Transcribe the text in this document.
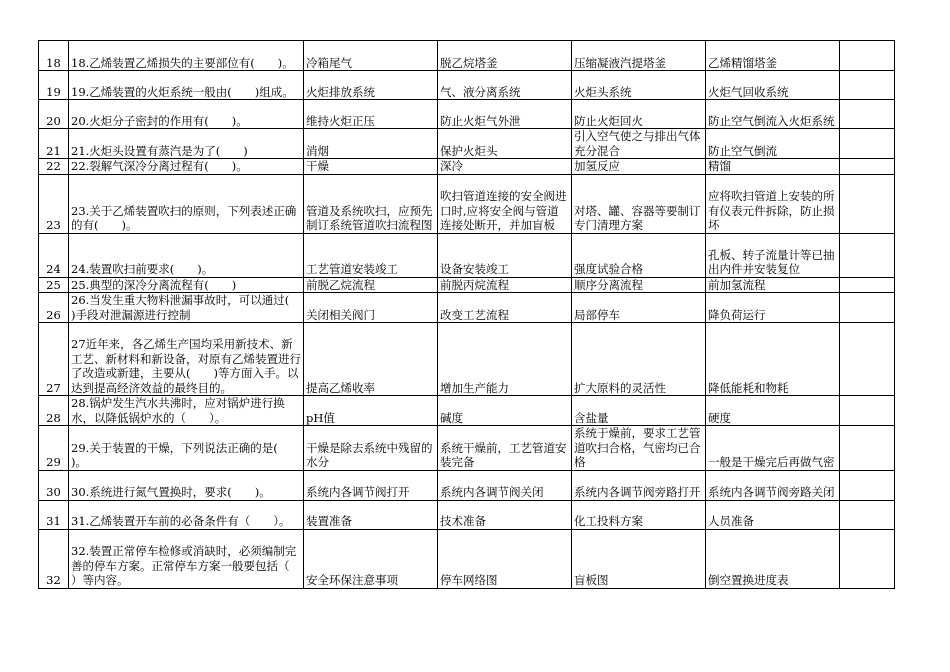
18	18.乙烯装置乙烯损失的主要部位有(　　)。	冷箱尾气	脱乙烷塔釜	压缩凝液汽提塔釜	乙烯精馏塔釜	
19	19.乙烯装置的火炬系统一般由(　　)组成。	火炬排放系统	气、液分离系统	火炬头系统	火炬气回收系统	
20	20.火炬分子密封的作用有(　　)。	维持火炬正压	防止火炬气外泄	防止火炬回火	防止空气倒流入火炬系统	
21	21.火炬头设置有蒸汽是为了(　　)	消烟	保护火炬头	引入空气使之与排出气体充分混合	防止空气倒流	
22	22.裂解气深冷分离过程有(　　)。	干燥	深冷	加氢反应	精馏	
23	23.关于乙烯装置吹扫的原则，下列表述正确的有(　　)。	管道及系统吹扫，应预先制订系统管道吹扫流程图	吹扫管道连接的安全阀进口时,应将安全阀与管道连接处断开，并加盲板	对塔、罐、容器等要制订专门清理方案	应将吹扫管道上安装的所有仪表元件拆除，防止损坏	
24	24.装置吹扫前要求(　　)。	工艺管道安装竣工	设备安装竣工	强度试验合格	孔板、转子流量计等已抽出内件并安装复位	
25	25.典型的深冷分离流程有(　　)	前脱乙烷流程	前脱丙烷流程	顺序分离流程	前加氢流程	
26	26.当发生重大物料泄漏事故时，可以通过(　　)手段对泄漏源进行控制	关闭相关阀门	改变工艺流程	局部停车	降负荷运行	
27	27近年来，各乙烯生产国均采用新技术、新工艺、新材料和新设备，对原有乙烯装置进行了改造或新建，主要从(　　)等方面入手。以达到提高经济效益的最终目的。	提高乙烯收率	增加生产能力	扩大原料的灵活性	降低能耗和物耗	
28	28.锅炉发生汽水共沸时，应对锅炉进行换水，以降低锅炉水的（　　）。	pH值	碱度	含盐量	硬度	
29	29.关于装置的干燥，下列说法正确的是(　　)。	干燥是除去系统中残留的水分	系统干燥前，工艺管道安装完备	系统于燥前，要求工艺管道吹扫合格，气密均已合格	一般是干燥完后再做气密	
30	30.系统进行氮气置换时，要求(　　)。	系统内各调节阀打开	系统内各调节阀关闭	系统内各调节阀旁路打开	系统内各调节阀旁路关闭	
31	31.乙烯装置开车前的必备条件有（　　）。	装置准备	技术准备	化工投料方案	人员准备	
32	32.装置正常停车检修或消缺时，必须编制完善的停车方案。正常停车方案一般要包括（　　）等内容。	安全环保注意事项	停车网络图	盲板图	倒空置换进度表	
